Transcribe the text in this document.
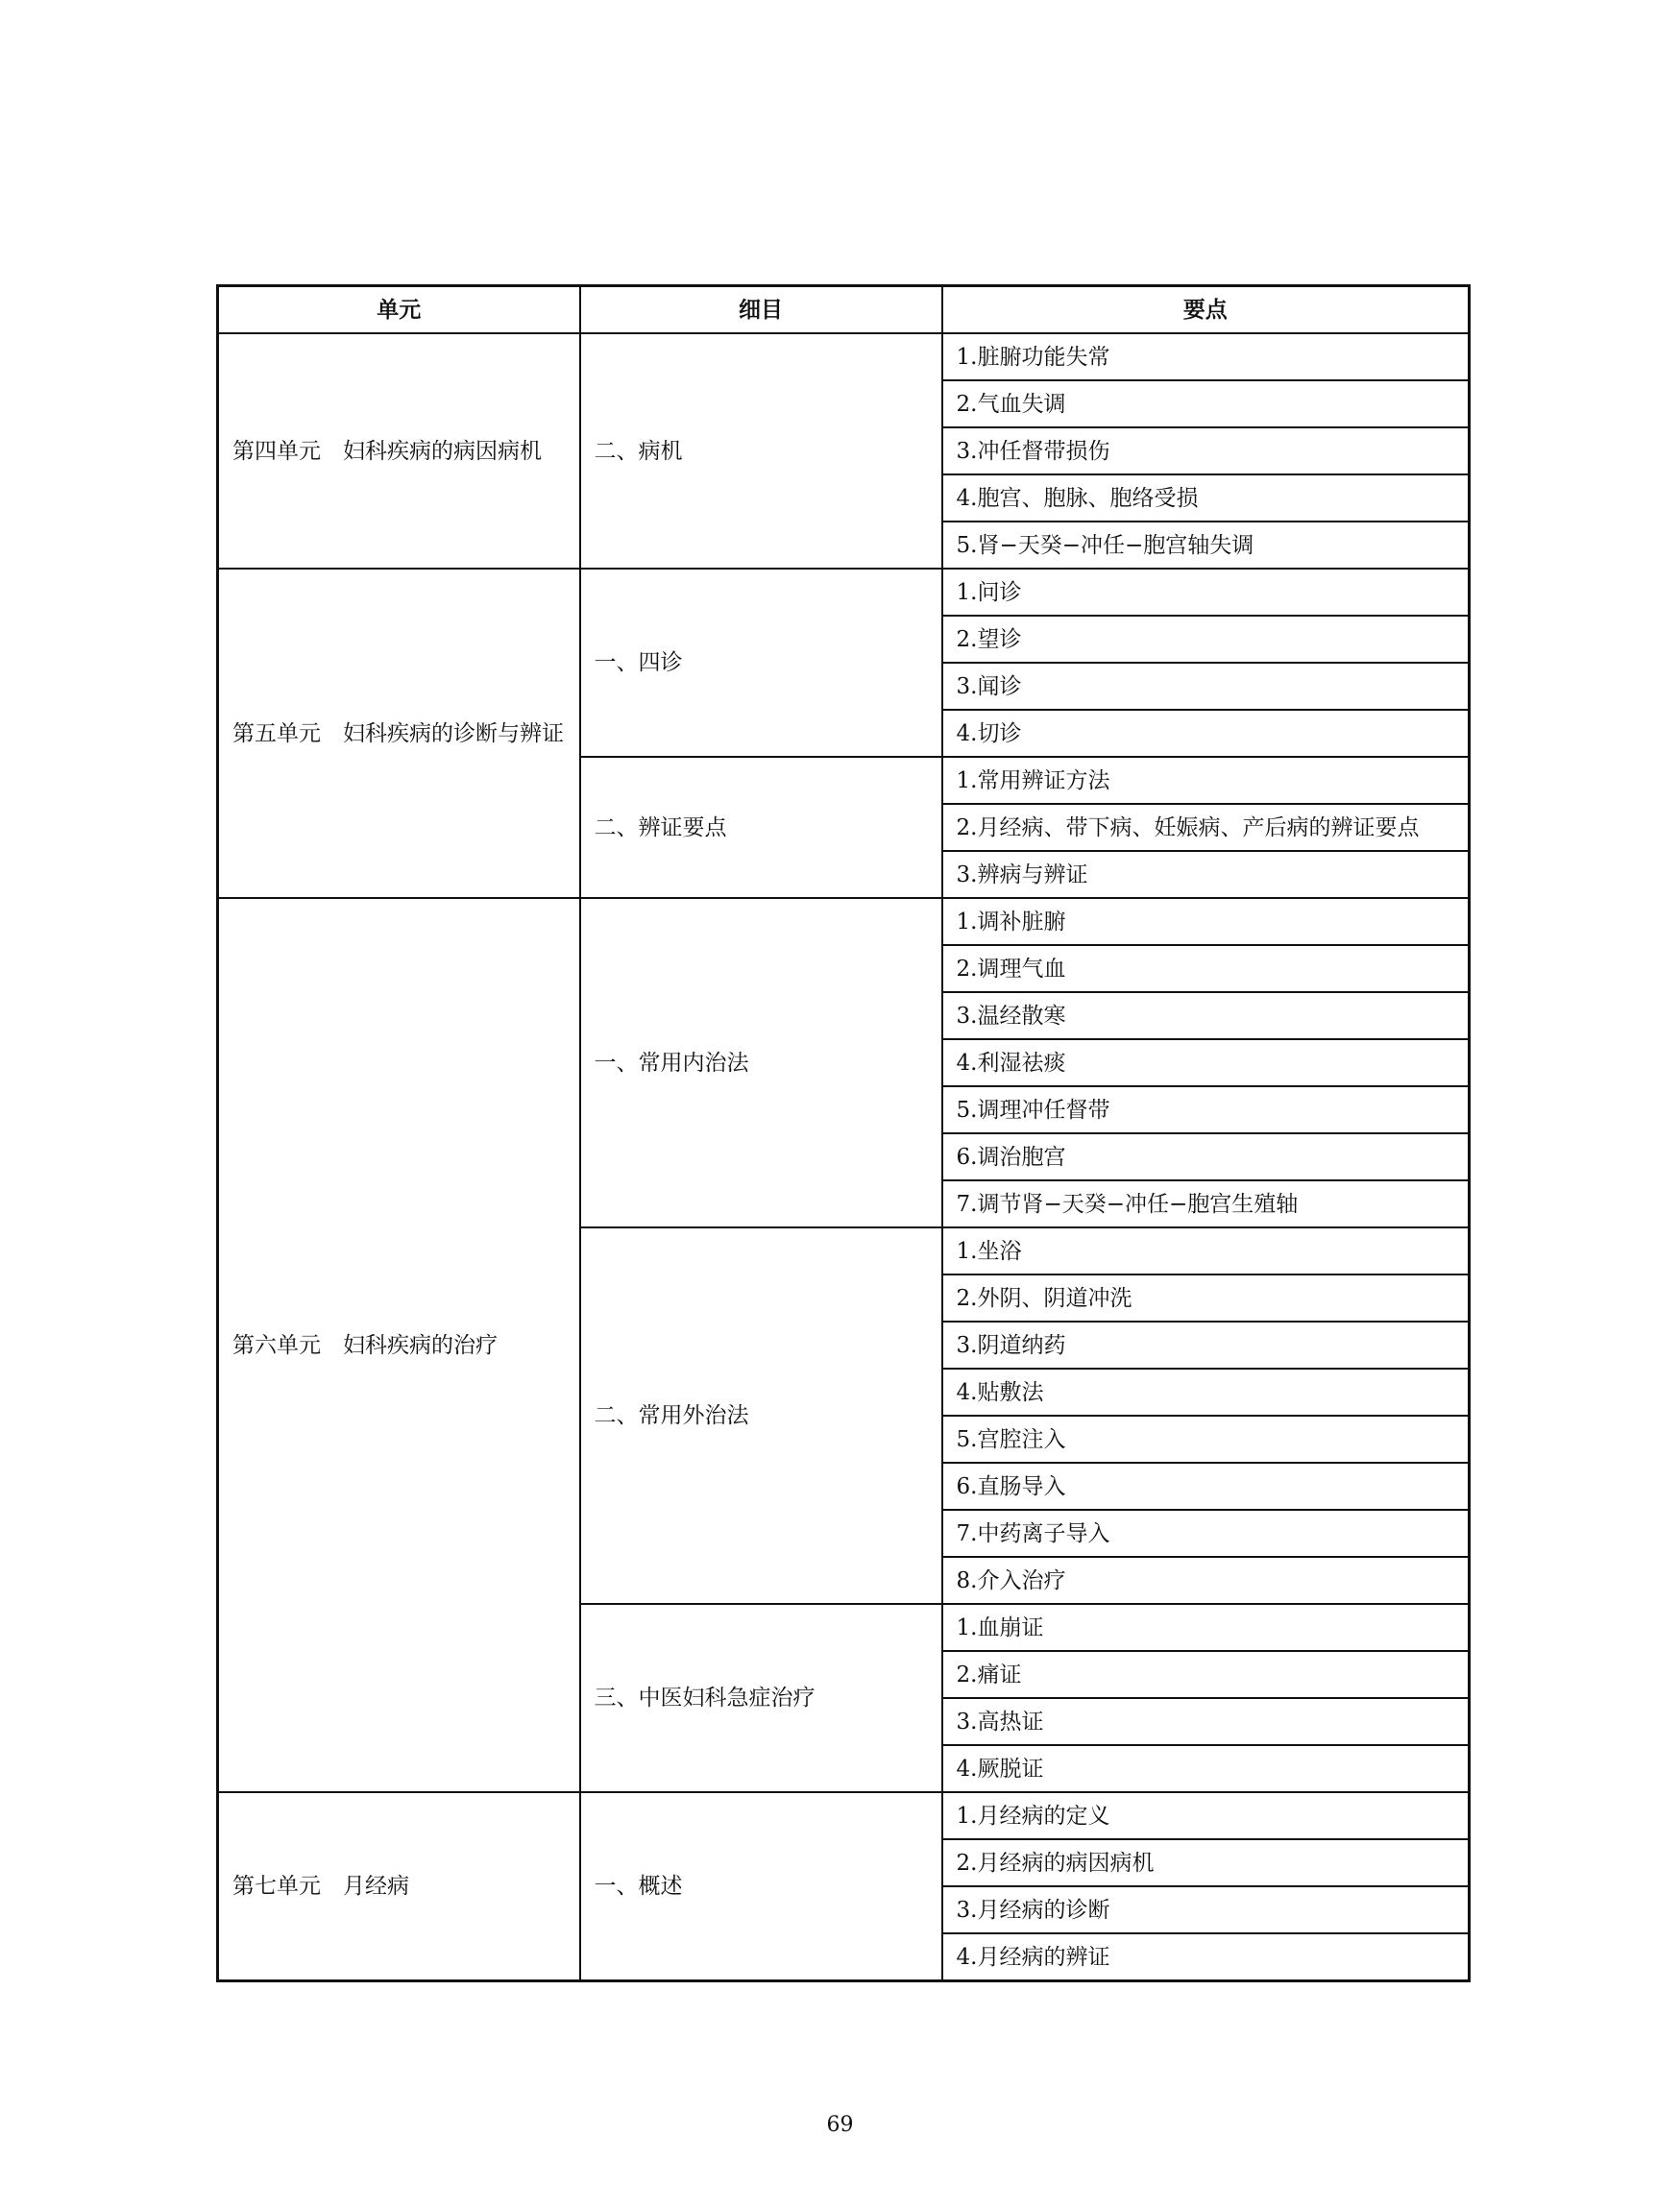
单元	细目	要点
第四单元　妇科疾病的病因病机	二、病机	1.脏腑功能失常
		2.气血失调
		3.冲任督带损伤
		4.胞宫、胞脉、胞络受损
		5.肾−天癸−冲任−胞宫轴失调
第五单元　妇科疾病的诊断与辨证	一、四诊	1.问诊
		2.望诊
		3.闻诊
		4.切诊
	二、辨证要点	1.常用辨证方法
		2.月经病、带下病、妊娠病、产后病的辨证要点
		3.辨病与辨证
第六单元　妇科疾病的治疗	一、常用内治法	1.调补脏腑
		2.调理气血
		3.温经散寒
		4.利湿祛痰
		5.调理冲任督带
		6.调治胞宫
		7.调节肾−天癸−冲任−胞宫生殖轴
	二、常用外治法	1.坐浴
		2.外阴、阴道冲洗
		3.阴道纳药
		4.贴敷法
		5.宫腔注入
		6.直肠导入
		7.中药离子导入
		8.介入治疗
	三、中医妇科急症治疗	1.血崩证
		2.痛证
		3.高热证
		4.厥脱证
第七单元　月经病	一、概述	1.月经病的定义
		2.月经病的病因病机
		3.月经病的诊断
		4.月经病的辨证
69
